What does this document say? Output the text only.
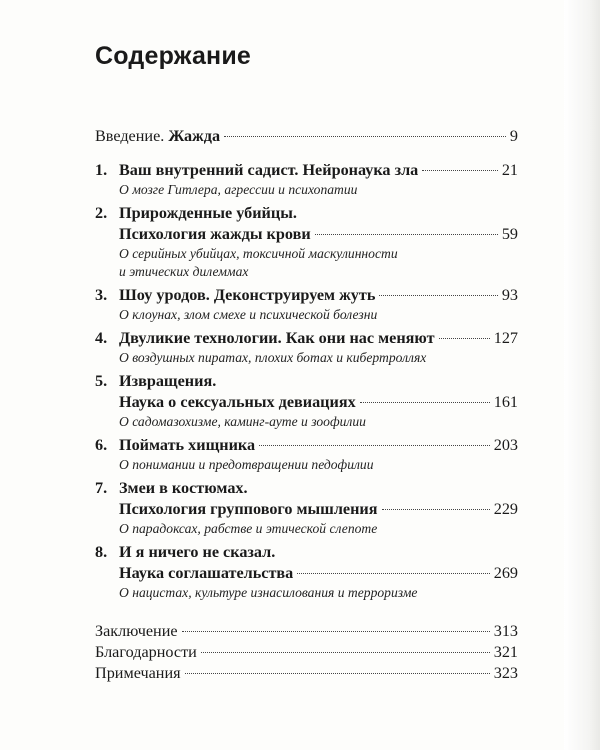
Содержание
Введение. Жажда	9
1. Ваш внутренний садист. Нейронаука зла	21
О мозге Гитлера, агрессии и психопатии
2. Прирожденные убийцы.
Психология жажды крови	59
О серийных убийцах, токсичной маскулинности
и этических дилеммах
3. Шоу уродов. Деконструируем жуть	93
О клоунах, злом смехе и психической болезни
4. Двуликие технологии. Как они нас меняют	127
О воздушных пиратах, плохих ботах и кибертроллях
5. Извращения.
Наука о сексуальных девиациях	161
О садомазохизме, каминг-ауте и зоофилии
6. Поймать хищника	203
О понимании и предотвращении педофилии
7. Змеи в костюмах.
Психология группового мышления	229
О парадоксах, рабстве и этической слепоте
8. И я ничего не сказал.
Наука соглашательства	269
О нацистах, культуре изнасилования и терроризме
Заключение	313
Благодарности	321
Примечания	323
